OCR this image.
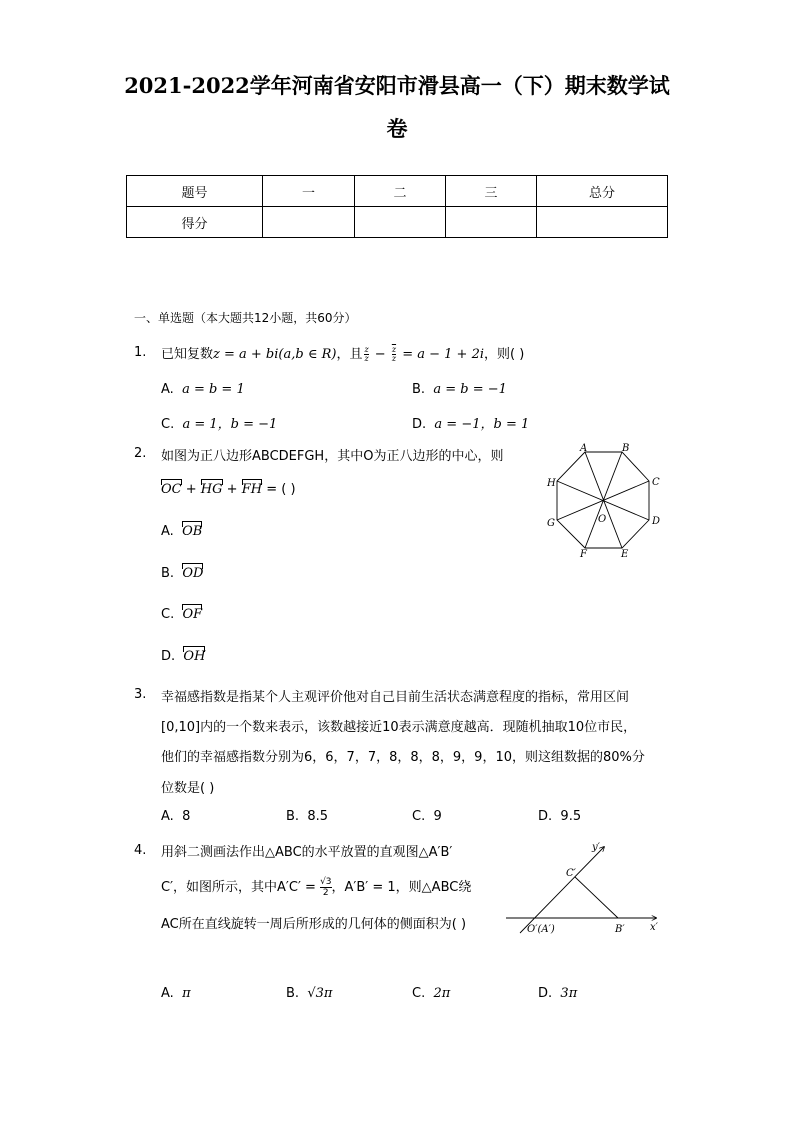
2021-2022学年河南省安阳市滑县高一（下）期末数学试
卷
题号	一	二	三	总分
得分				
一、单选题（本大题共12小题，共60分）
1. 已知复数z = a + bi(a,b ∈ R)，且 $\frac{z}{z} - \frac{\overline{z}}{z} = a - 1 + 2i$，则( )
A. a = b = 1	B. a = b = −1
C. a = 1，b = −1	D. a = −1，b = 1
2. 如图为正八边形ABCDEFGH，其中O为正八边形的中心，则
OC + HG + FH = ( )
A. OB
B. OD
C. OF
D. OH
A	B
C
D
E
F
G
H
O
3. 幸福感指数是指某个人主观评价他对自己目前生活状态满意程度的指标，常用区间
[0,10]内的一个数来表示，该数越接近10表示满意度越高．现随机抽取10位市民，
他们的幸福感指数分别为6，6，7，7，8，8，8，9，9，10，则这组数据的80%分
位数是( )
A. 8	B. 8.5	C. 9	D. 9.5
4. 用斜二测画法作出△ABC的水平放置的直观图△A′B′
C′，如图所示，其中$A'C' = \frac{√3}{2}$ ，A′B′ = 1，则△ABC绕
AC所在直线旋转一周后所形成的几何体的侧面积为( )
A. π	B. √3π	C. 2π	D. 3π
y′
C′
O′(A′)	B′	x′
